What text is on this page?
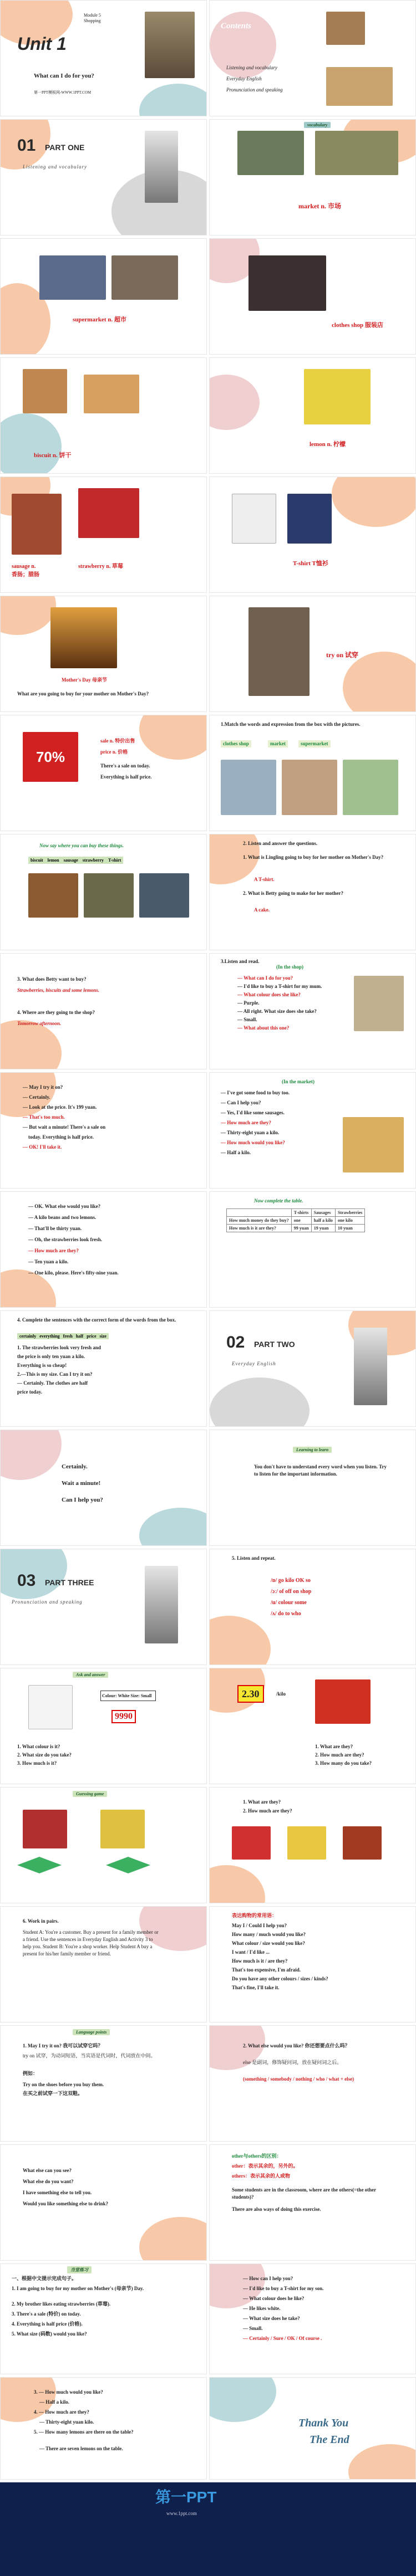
Unit 1
Module 5
Shopping
What can I do for you?
第一PPT模板网-WWW.1PPT.COM
Contents
Listening and vocabulary
Everyday English
Pronunciation and speaking
01 PART ONE
Listening and vocabulary
vocabulary
market n. 市场
supermarket n. 超市
clothes shop 服装店
biscuit n. 饼干
lemon n. 柠檬
sausage n.
香肠；腊肠
strawberry n. 草莓	T-shirt T恤衫
Mother's Day 母亲节
What are you going to buy for your mother on Mother's Day?
try on 试穿
70%
sale n. 特价出售
price n. 价格
There's a sale on today.
Everything is half price.
1.Match the words and expression from the box with the pictures.
clothes shop	market	supermarket
Now say where you can buy these things.
biscuit lemon sausage strawberry T-shirt
2. Listen and answer the questions.
1. What is Lingling going to buy for her mother on Mother's Day?
A T-shirt.
2. What is Betty going to make for her mother?
A cake.
3. What does Betty want to buy?
Strawberries, biscuits and some lemons.
4. Where are they going to the shop?
Tomorrow afternoon.
3.Listen and read.
(In the shop)
— What can I do for you?
— I'd like to buy a T-shirt for my mum.
— What colour does she like?
— Purple.
— All right. What size does she take?
— Small.
— What about this one?
— May I try it on?
— Certainly.
— Look at the price. It's 199 yuan.
— That's too much.
— But wait a minute! There's a sale on
today. Everything is half price.
— OK! I'll take it.
(In the market)
— I've got some food to buy too.
— Can I help you?
— Yes, I'd like some sausages.
— How much are they?
— Thirty-eight yuan a kilo.
— How much would you like?
— Half a kilo.
— OK. What else would you like?
— A kilo beans and two lemons.
— That'll be thirty yuan.
— Oh, the strawberries look fresh.
— How much are they?
— Ten yuan a kilo.
— One kilo, please. Here's fifty-nine yuan.
Now complete the table.
	T-shirts	Sausages	Strawberries
How much money do they buy?	one	half a kilo	one kilo
How much is it are they?	99 yuan	19 yuan	10 yuan
4. Complete the sentences with the correct form of the words from the box.
certainly everything fresh half price size
1. The strawberries look very fresh and
the price is only ten yuan a kilo.
Everything is so cheap!
2.—This is my size. Can I try it on?
— Certainly. The clothes are half
price today.
02 PART TWO
Everyday English
Certainly.
Wait a minute!
Can I help you?
Learning to learn
You don't have to understand every word when you listen. Try to listen for the important information.
03 PART THREE
Pronunciation and speaking
5. Listen and repeat.
/ɒ/ go kilo OK so
/ɔː/ of off on shop
/u/ colour some
/ʌ/ do to who
Ask and answer
Colour: White Size: Small
9990
1. What colour is it?
2. What size do you take?
3. How much is it?
2.30	/kilo
1. What are they?
2. How much are they?
3. How many do you take?
Guessing game
1. What are they?
2. How much are they?
6. Work in pairs.
Student A: You're a customer. Buy a present for a family member or a friend. Use the sentences in Everyday English and Activity 3 to help you. Student B: You're a shop worker. Help Student A buy a present for his/her family member or friend.
表达购物的常用语：
May I / Could I help you?
How many / much would you like?
What colour / size would you like?
I want / I'd like ...
How much is it / are they?
That's too expensive, I'm afraid.
Do you have any other colours / sizes / kinds?
That's fine, I'll take it.
Language points
1. May I try it on? 我可以试穿它吗？
try on 试穿，为动词短语，当宾语是代词时，代词放在中间。
例如：
Try on the shoes before you buy them.
在买之前试穿一下这双鞋。
2. What else would you like? 你还想要点什么吗？
else 是副词，修饰疑问词，放在疑问词之后。
(something / somebody / nothing / who / what + else)
What else can you see?
What else do you want?
I have something else to tell you.
Would you like something else to drink?
other与others的区别：
other：表示其余的，另外的。
others：表示其余的人或物
Some students are in the classroom, where are the others(=the other students)?
There are also ways of doing this exercise.
当堂练习
一、根据中文提示完成句子。
1. I am going to buy for my mother on Mother's (母亲节) Day.
2. My brother likes eating strawberries (草莓).
3. There's a sale (特价) on today.
4. Everything is half price (价格).
5. What size (码数) would you like?
— How can I help you?
— I'd like to buy a T-shirt for my son.
— What colour does he like?
— He likes white.
— What size does he take?
— Small.
— Certainly / Sure / OK / Of course .
3. — How much would you like?
— Half a kilo.
4. — How much are they?
— Thirty-eight yuan kilo.
5. — How many lemons are there on the table?
— There are seven lemons on the table.
Thank You
The End
第一PPT
www.1ppt.com
